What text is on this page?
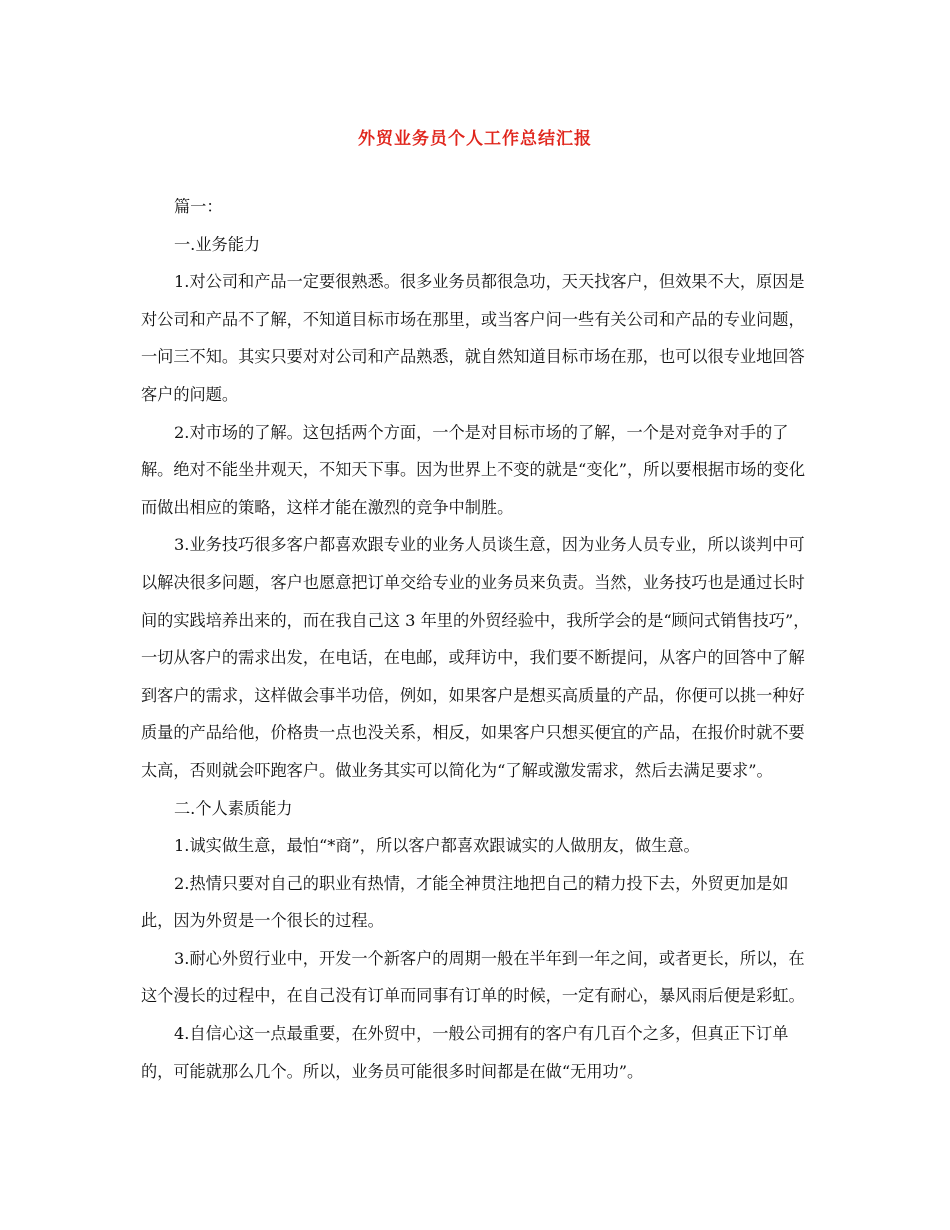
外贸业务员个人工作总结汇报

篇一：

一.业务能力

1.对公司和产品一定要很熟悉。很多业务员都很急功，天天找客户，但效果不大，原因是对公司和产品不了解，不知道目标市场在那里，或当客户问一些有关公司和产品的专业问题，一问三不知。其实只要对对公司和产品熟悉，就自然知道目标市场在那，也可以很专业地回答客户的问题。

2.对市场的了解。这包括两个方面，一个是对目标市场的了解，一个是对竞争对手的了解。绝对不能坐井观天，不知天下事。因为世界上不变的就是“变化”，所以要根据市场的变化而做出相应的策略，这样才能在激烈的竞争中制胜。

3.业务技巧很多客户都喜欢跟专业的业务人员谈生意，因为业务人员专业，所以谈判中可以解决很多问题，客户也愿意把订单交给专业的业务员来负责。当然，业务技巧也是通过长时间的实践培养出来的，而在我自己这 3 年里的外贸经验中，我所学会的是“顾问式销售技巧”，一切从客户的需求出发，在电话，在电邮，或拜访中，我们要不断提问，从客户的回答中了解到客户的需求，这样做会事半功倍，例如，如果客户是想买高质量的产品，你便可以挑一种好质量的产品给他，价格贵一点也没关系，相反，如果客户只想买便宜的产品，在报价时就不要太高，否则就会吓跑客户。做业务其实可以简化为“了解或激发需求，然后去满足要求”。

二.个人素质能力

1.诚实做生意，最怕“*商”，所以客户都喜欢跟诚实的人做朋友，做生意。

2.热情只要对自己的职业有热情，才能全神贯注地把自己的精力投下去，外贸更加是如此，因为外贸是一个很长的过程。

3.耐心外贸行业中，开发一个新客户的周期一般在半年到一年之间，或者更长，所以，在这个漫长的过程中，在自己没有订单而同事有订单的时候，一定有耐心，暴风雨后便是彩虹。

4.自信心这一点最重要，在外贸中，一般公司拥有的客户有几百个之多，但真正下订单的，可能就那么几个。所以，业务员可能很多时间都是在做“无用功”。
